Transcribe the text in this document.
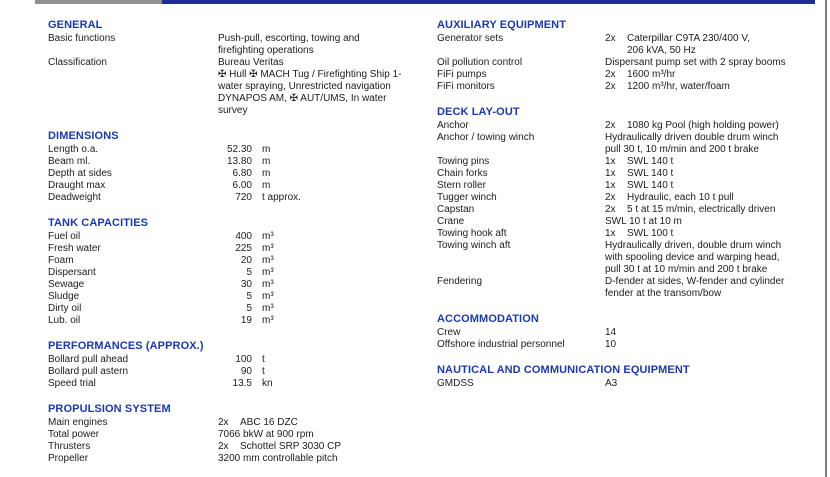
GENERAL
Basic functions	Push-pull, escorting, towing and
firefighting operations
Classification	Bureau Veritas
✠ Hull ✠ MACH Tug / Firefighting Ship 1-
water spraying, Unrestricted navigation
DYNAPOS AM, ✠ AUT/UMS, In water
survey
DIMENSIONS
Length o.a.	52.30 m
Beam ml.	13.80 m
Depth at sides	6.80 m
Draught max	6.00 m
Deadweight	720 t approx.
TANK CAPACITIES
Fuel oil	400 m³
Fresh water	225 m³
Foam	20 m³
Dispersant	5 m³
Sewage	30 m³
Sludge	5 m³
Dirty oil	5 m³
Lub. oil	19 m³
PERFORMANCES (APPROX.)
Bollard pull ahead	100 t
Bollard pull astern	90 t
Speed trial	13.5 kn
PROPULSION SYSTEM
Main engines	2x	ABC 16 DZC
Total power	7066 bkW at 900 rpm
Thrusters	2x	Schottel SRP 3030 CP
Propeller	3200 mm controllable pitch
AUXILIARY EQUIPMENT
Generator sets	2x	Caterpillar C9TA 230/400 V,
206 kVA, 50 Hz
Oil pollution control	Dispersant pump set with 2 spray booms
FiFi pumps	2x	1600 m³/hr
FiFi monitors	2x	1200 m³/hr, water/foam
DECK LAY-OUT
Anchor	2x	1080 kg Pool (high holding power)
Anchor / towing winch	Hydraulically driven double drum winch
pull 30 t, 10 m/min and 200 t brake
Towing pins	1x	SWL 140 t
Chain forks	1x	SWL 140 t
Stern roller	1x	SWL 140 t
Tugger winch	2x	Hydraulic, each 10 t pull
Capstan	2x	5 t at 15 m/min, electrically driven
Crane	SWL 10 t at 10 m
Towing hook aft	1x	SWL 100 t
Towing winch aft	Hydraulically driven, double drum winch
with spooling device and warping head,
pull 30 t at 10 m/min and 200 t brake
Fendering	D-fender at sides, W-fender and cylinder
fender at the transom/bow
ACCOMMODATION
Crew	14
Offshore industrial personnel	10
NAUTICAL AND COMMUNICATION EQUIPMENT
GMDSS	A3
